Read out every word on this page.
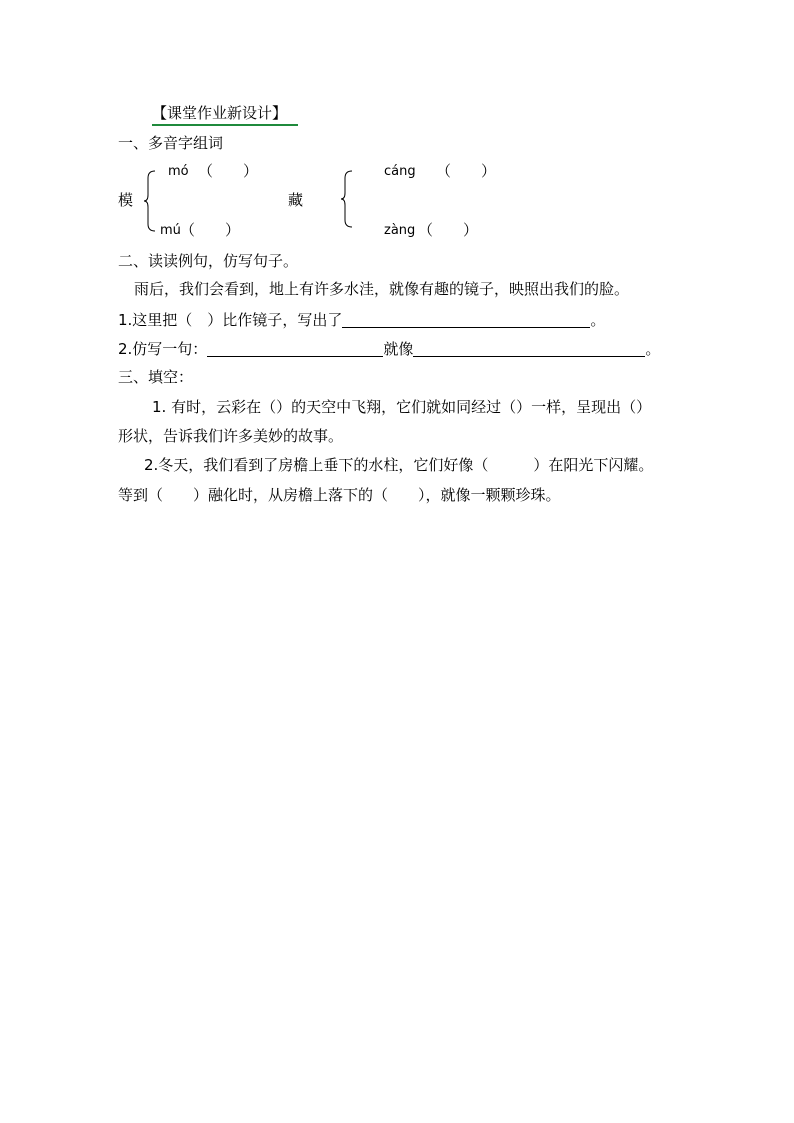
【课堂作业新设计】
一、多音字组词
mó （　　）
模
mú （　　）
藏
cáng （　　）
zàng （　　）
二、读读例句，仿写句子。
雨后，我们会看到，地上有许多水洼，就像有趣的镜子，映照出我们的脸。
1.这里把（　）比作镜子，写出了	。
2.仿写一句：	就像	。
三、填空：
1. 有时，云彩在（）的天空中飞翔，它们就如同经过（）一样，呈现出（）
形状，告诉我们许多美妙的故事。
2.冬天，我们看到了房檐上垂下的水柱，它们好像（　　　）在阳光下闪耀。
等到（　　）融化时，从房檐上落下的（　　），就像一颗颗珍珠。
